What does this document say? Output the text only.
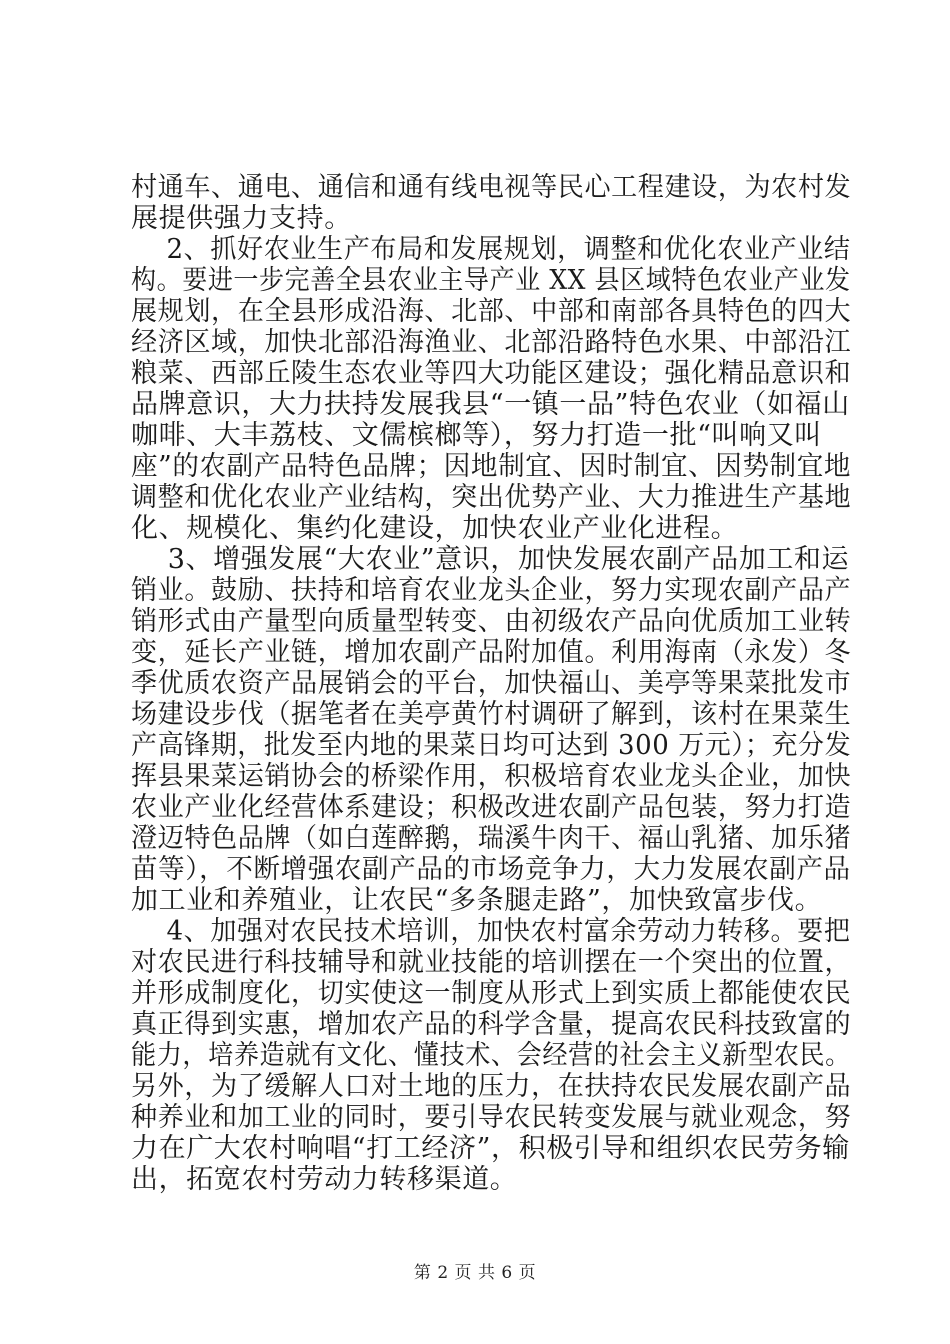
村通车、通电、通信和通有线电视等民心工程建设，为农村发
展提供强力支持。
2、抓好农业生产布局和发展规划，调整和优化农业产业结
构。要进一步完善全县农业主导产业 XX 县区域特色农业产业发
展规划，在全县形成沿海、北部、中部和南部各具特色的四大
经济区域，加快北部沿海渔业、北部沿路特色水果、中部沿江
粮菜、西部丘陵生态农业等四大功能区建设；强化精品意识和
品牌意识，大力扶持发展我县“一镇一品”特色农业（如福山
咖啡、大丰荔枝、文儒槟榔等），努力打造一批“叫响又叫
座”的农副产品特色品牌；因地制宜、因时制宜、因势制宜地
调整和优化农业产业结构，突出优势产业、大力推进生产基地
化、规模化、集约化建设，加快农业产业化进程。
3、增强发展“大农业”意识，加快发展农副产品加工和运
销业。鼓励、扶持和培育农业龙头企业，努力实现农副产品产
销形式由产量型向质量型转变、由初级农产品向优质加工业转
变，延长产业链，增加农副产品附加值。利用海南（永发）冬
季优质农资产品展销会的平台，加快福山、美亭等果菜批发市
场建设步伐（据笔者在美亭黄竹村调研了解到，该村在果菜生
产高锋期，批发至内地的果菜日均可达到 300 万元）；充分发
挥县果菜运销协会的桥梁作用，积极培育农业龙头企业，加快
农业产业化经营体系建设；积极改进农副产品包装，努力打造
澄迈特色品牌（如白莲醉鹅，瑞溪牛肉干、福山乳猪、加乐猪
苗等），不断增强农副产品的市场竞争力，大力发展农副产品
加工业和养殖业，让农民“多条腿走路”，加快致富步伐。
4、加强对农民技术培训，加快农村富余劳动力转移。要把
对农民进行科技辅导和就业技能的培训摆在一个突出的位置，
并形成制度化，切实使这一制度从形式上到实质上都能使农民
真正得到实惠，增加农产品的科学含量，提高农民科技致富的
能力，培养造就有文化、懂技术、会经营的社会主义新型农民。
另外，为了缓解人口对土地的压力，在扶持农民发展农副产品
种养业和加工业的同时，要引导农民转变发展与就业观念，努
力在广大农村响唱“打工经济”，积极引导和组织农民劳务输
出，拓宽农村劳动力转移渠道。
第 2 页 共 6 页
